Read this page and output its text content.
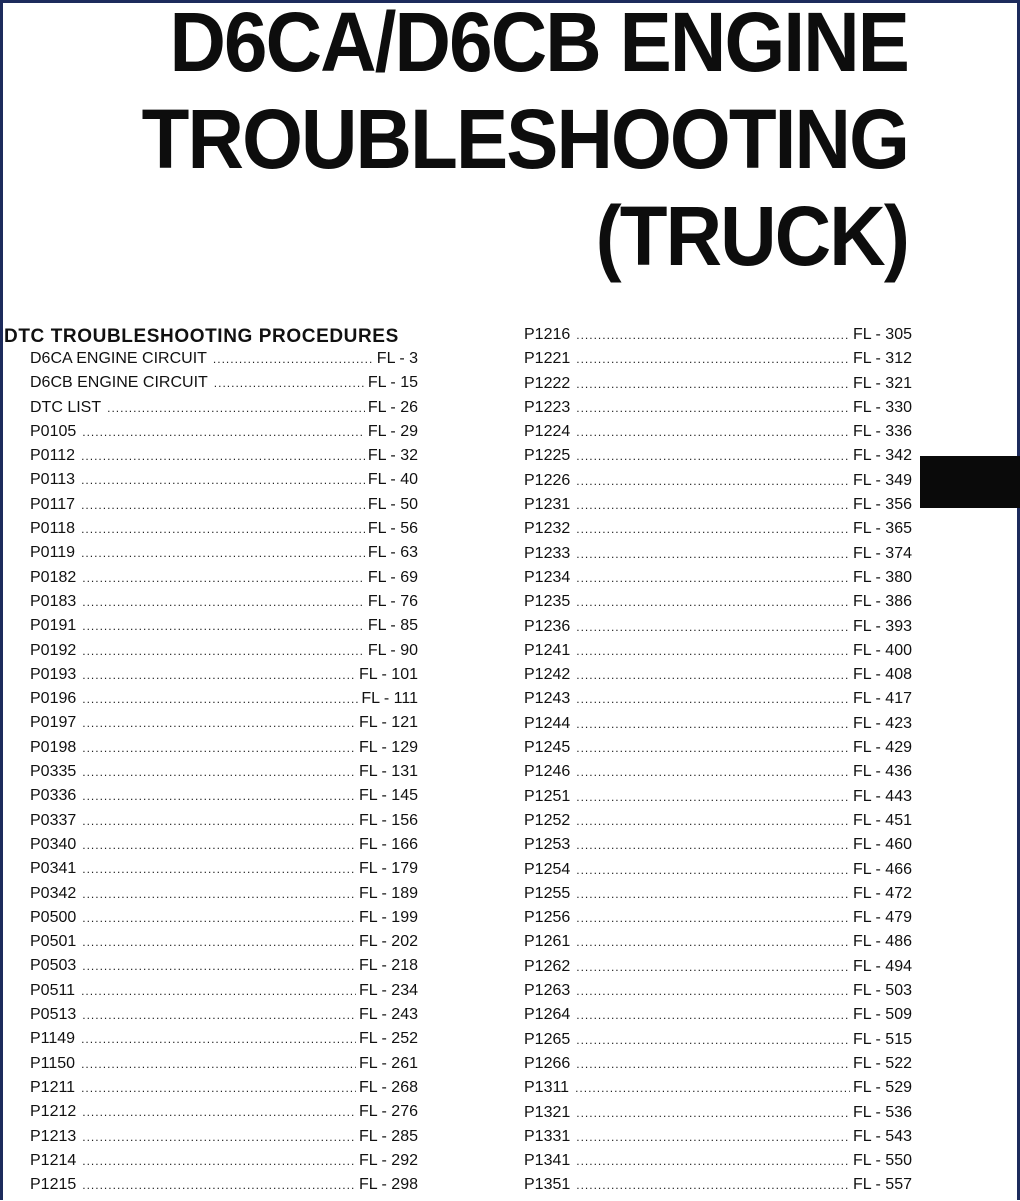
D6CA/D6CB ENGINE
TROUBLESHOOTING
(TRUCK)
DTC TROUBLESHOOTING PROCEDURES
D6CA ENGINE CIRCUIT .....	FL - 3
D6CB ENGINE CIRCUIT .....	FL - 15
DTC LIST .....	FL - 26
P0105 .....	FL - 29
P0112 .....	FL - 32
P0113 .....	FL - 40
P0117 .....	FL - 50
P0118 .....	FL - 56
P0119 .....	FL - 63
P0182 .....	FL - 69
P0183 .....	FL - 76
P0191 .....	FL - 85
P0192 .....	FL - 90
P0193 .....	FL - 101
P0196 .....	FL - 111
P0197 .....	FL - 121
P0198 .....	FL - 129
P0335 .....	FL - 131
P0336 .....	FL - 145
P0337 .....	FL - 156
P0340 .....	FL - 166
P0341 .....	FL - 179
P0342 .....	FL - 189
P0500 .....	FL - 199
P0501 .....	FL - 202
P0503 .....	FL - 218
P0511 .....	FL - 234
P0513 .....	FL - 243
P1149 .....	FL - 252
P1150 .....	FL - 261
P1211 .....	FL - 268
P1212 .....	FL - 276
P1213 .....	FL - 285
P1214 .....	FL - 292
P1215 .....	FL - 298
P1216 .....	FL - 305
P1221 .....	FL - 312
P1222 .....	FL - 321
P1223 .....	FL - 330
P1224 .....	FL - 336
P1225 .....	FL - 342
P1226 .....	FL - 349
P1231 .....	FL - 356
P1232 .....	FL - 365
P1233 .....	FL - 374
P1234 .....	FL - 380
P1235 .....	FL - 386
P1236 .....	FL - 393
P1241 .....	FL - 400
P1242 .....	FL - 408
P1243 .....	FL - 417
P1244 .....	FL - 423
P1245 .....	FL - 429
P1246 .....	FL - 436
P1251 .....	FL - 443
P1252 .....	FL - 451
P1253 .....	FL - 460
P1254 .....	FL - 466
P1255 .....	FL - 472
P1256 .....	FL - 479
P1261 .....	FL - 486
P1262 .....	FL - 494
P1263 .....	FL - 503
P1264 .....	FL - 509
P1265 .....	FL - 515
P1266 .....	FL - 522
P1311 .....	FL - 529
P1321 .....	FL - 536
P1331 .....	FL - 543
P1341 .....	FL - 550
P1351 .....	FL - 557
